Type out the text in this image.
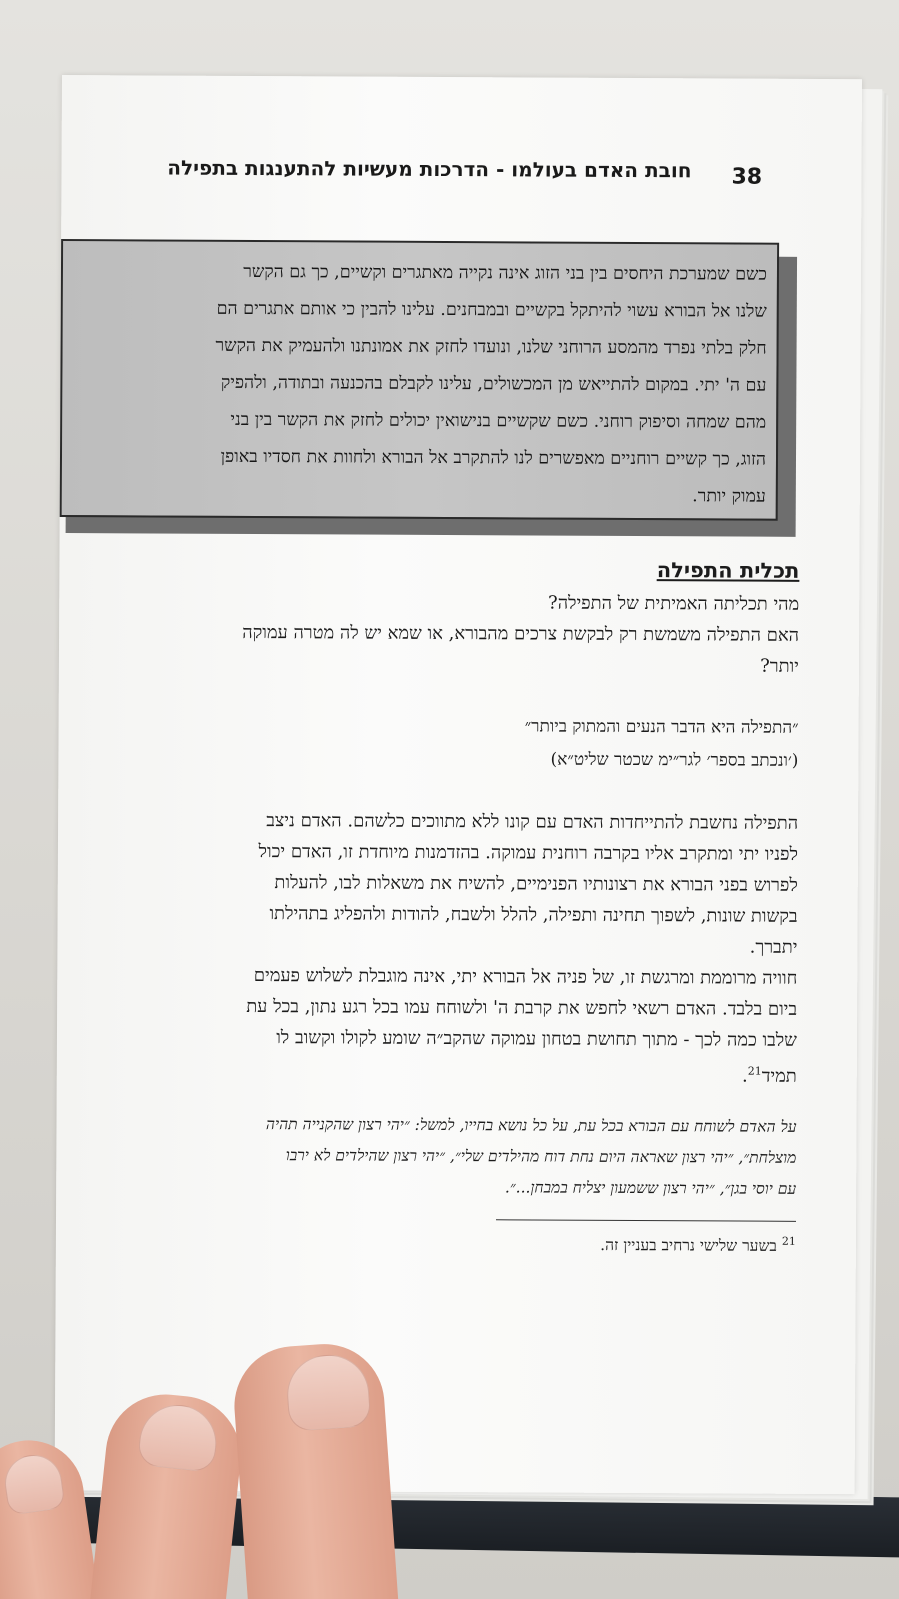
חובת האדם בעולמו - הדרכות מעשיות להתענגות בתפילה 38
כשם שמערכת היחסים בין בני הזוג אינה נקייה מאתגרים וקשיים, כך גם הקשר
שלנו אל הבורא עשוי להיתקל בקשיים ובמבחנים. עלינו להבין כי אותם אתגרים הם
חלק בלתי נפרד מהמסע הרוחני שלנו, ונועדו לחזק את אמונתנו ולהעמיק את הקשר
עם ה' יתי. במקום להתייאש מן המכשולים, עלינו לקבלם בהכנעה ובתודה, ולהפיק
מהם שמחה וסיפוק רוחני. כשם שקשיים בנישואין יכולים לחזק את הקשר בין בני
הזוג, כך קשיים רוחניים מאפשרים לנו להתקרב אל הבורא ולחוות את חסדיו באופן
עמוק יותר.
תכלית התפילה
מהי תכליתה האמיתית של התפילה?
האם התפילה משמשת רק לבקשת צרכים מהבורא, או שמא יש לה מטרה עמוקה
יותר?
״התפילה היא הדבר הנעים והמתוק ביותר״
(׳ונכתב בספר׳ לגר״ימ שכטר שליט״א)
התפילה נחשבת להתייחדות האדם עם קונו ללא מתווכים כלשהם. האדם ניצב
לפניו יתי ומתקרב אליו בקרבה רוחנית עמוקה. בהזדמנות מיוחדת זו, האדם יכול
לפרוש בפני הבורא את רצונותיו הפנימיים, להשיח את משאלות לבו, להעלות
בקשות שונות, לשפוך תחינה ותפילה, להלל ולשבח, להודות ולהפליג בתהילתו
יתברך.
חוויה מרוממת ומרגשת זו, של פניה אל הבורא יתי, אינה מוגבלת לשלוש פעמים
ביום בלבד. האדם רשאי לחפש את קרבת ה' ולשוחח עמו בכל רגע נתון, בכל עת
שלבו כמה לכך - מתוך תחושת בטחון עמוקה שהקב״ה שומע לקולו וקשוב לו
תמיד$^{21}$.
על האדם לשוחח עם הבורא בכל עת, על כל נושא בחייו, למשל: ״יהי רצון שהקנייה תהיה
מוצלחת״, ״יהי רצון שאראה היום נחת דוח מהילדים שלי״, ״יהי רצון שהילדים לא ירבו
עם יוסי בגן״, ״יהי רצון ששמעון יצליח במבחן...״.
$^{21}$ בשער שלישי נרחיב בעניין זה.
